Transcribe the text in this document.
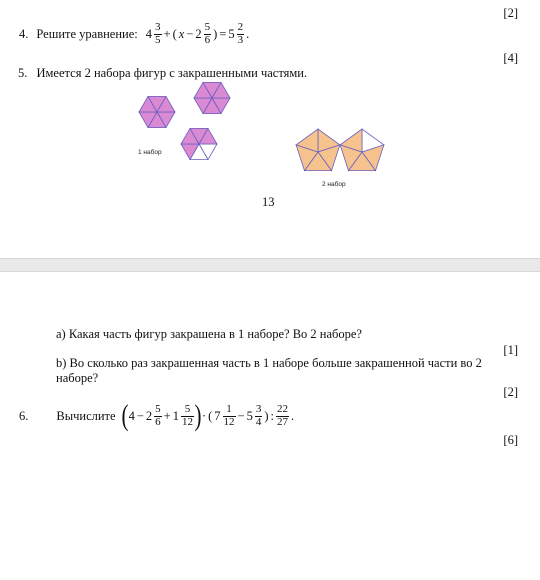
[2]
4. Решите уравнение: $4 \frac{3}{5}$ + ( $x - 2 \frac{5}{6}$ ) = $5 \frac{2}{3}$ .
[4]
5. Имеется 2 набора фигур с закрашенными частями.
1 набор
2 набор
13
a) Какая часть фигур закрашена в 1 наборе? Во 2 наборе?
[1]
b) Во сколько раз закрашенная часть в 1 наборе больше закрашенной части во 2
наборе?
[2]
6. Вычислите ( $4 - 2 \frac{5}{6} + 1 \frac{5}{12}$ ) · ( $7 \frac{1}{12} - 5 \frac{3}{4}$ ) : $\frac{22}{27}$ .
[6]
